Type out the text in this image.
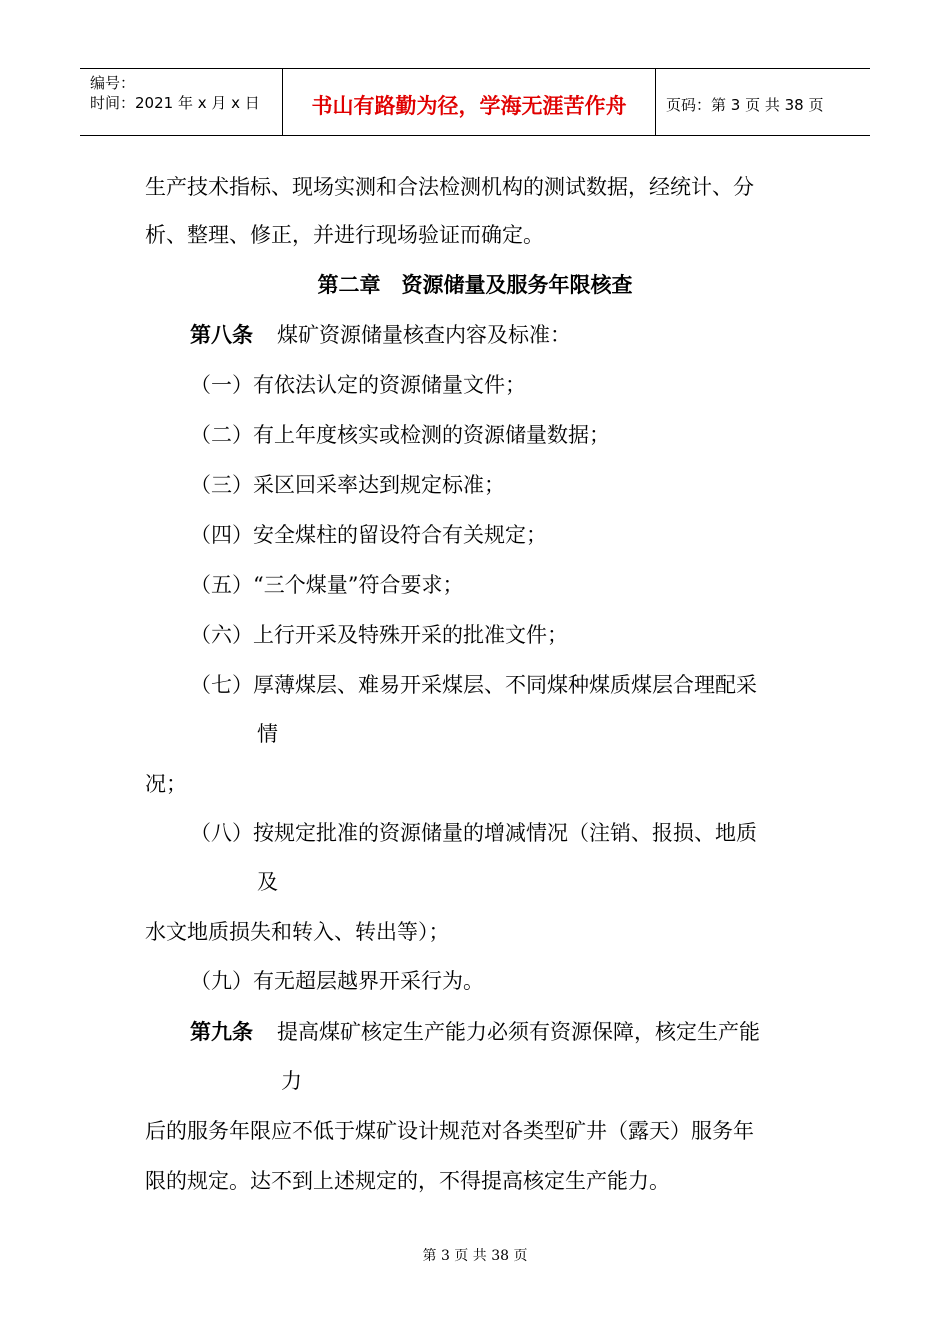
编号：
时间：2021 年 x 月 x 日	书山有路勤为径，学海无涯苦作舟	页码：第 3 页 共 38 页
生产技术指标、现场实测和合法检测机构的测试数据，经统计、分
析、整理、修正，并进行现场验证而确定。
第二章　资源储量及服务年限核查
第八条 煤矿资源储量核查内容及标准：
（一）有依法认定的资源储量文件；
（二）有上年度核实或检测的资源储量数据；
（三）采区回采率达到规定标准；
（四）安全煤柱的留设符合有关规定；
（五）“三个煤量”符合要求；
（六）上行开采及特殊开采的批准文件；
（七）厚薄煤层、难易开采煤层、不同煤种煤质煤层合理配采
情
况；
（八）按规定批准的资源储量的增减情况（注销、报损、地质
及
水文地质损失和转入、转出等）；
（九）有无超层越界开采行为。
第九条 提高煤矿核定生产能力必须有资源保障，核定生产能
力
后的服务年限应不低于煤矿设计规范对各类型矿井（露天）服务年
限的规定。达不到上述规定的，不得提高核定生产能力。
第 3 页 共 38 页
